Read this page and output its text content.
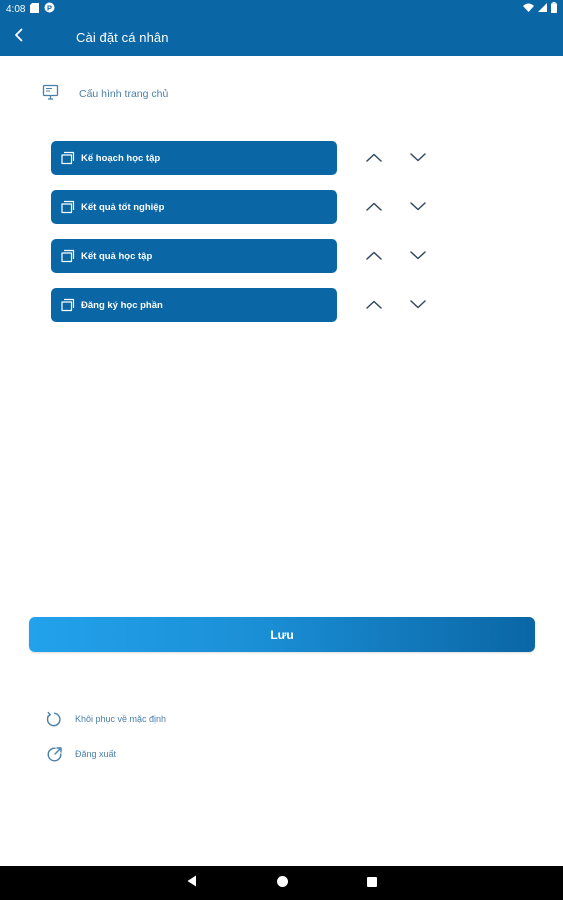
4:08	P
Cài đặt cá nhân
Cấu hình trang chủ
Kế hoạch học tập
Kết quả tốt nghiệp
Kết quả học tập
Đăng ký học phần
Lưu
Khôi phục về mặc định
Đăng xuất
